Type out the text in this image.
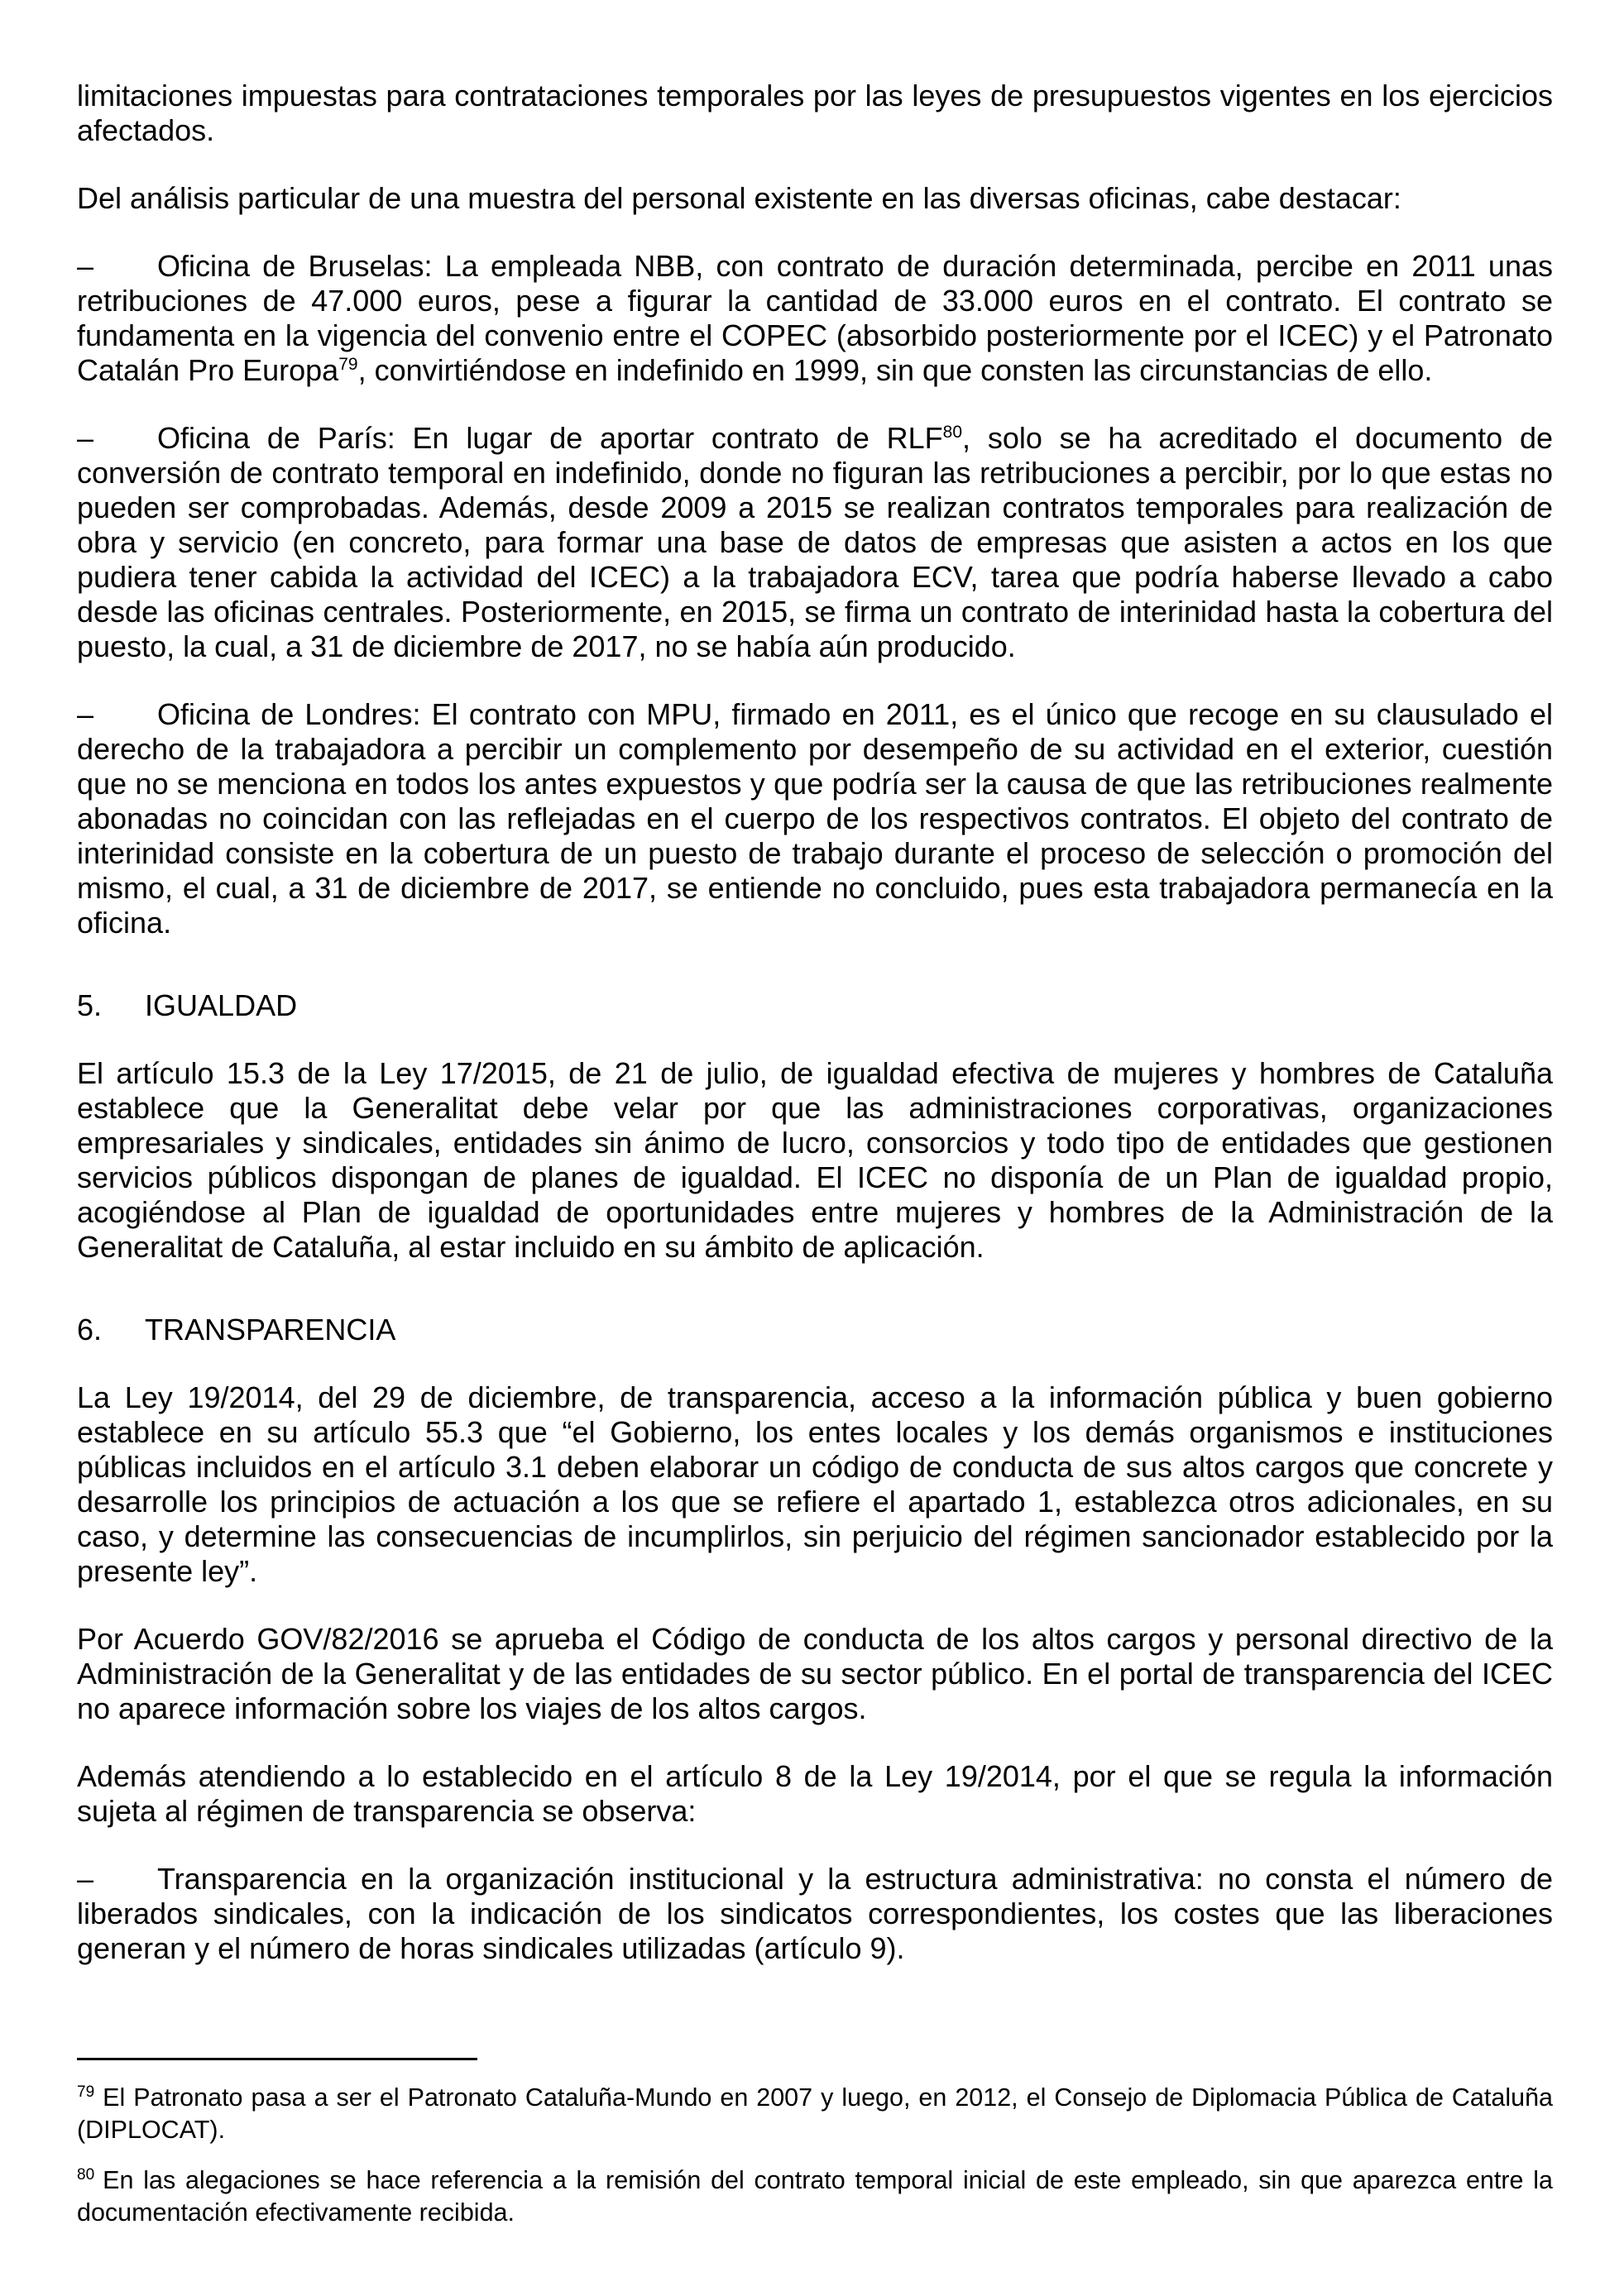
limitaciones impuestas para contrataciones temporales por las leyes de presupuestos vigentes en los ejercicios afectados.

Del análisis particular de una muestra del personal existente en las diversas oficinas, cabe destacar:

– Oficina de Bruselas: La empleada NBB, con contrato de duración determinada, percibe en 2011 unas retribuciones de 47.000 euros, pese a figurar la cantidad de 33.000 euros en el contrato. El contrato se fundamenta en la vigencia del convenio entre el COPEC (absorbido posteriormente por el ICEC) y el Patronato Catalán Pro Europa$^{79}$, convirtiéndose en indefinido en 1999, sin que consten las circunstancias de ello.

– Oficina de París: En lugar de aportar contrato de RLF$^{80}$, solo se ha acreditado el documento de conversión de contrato temporal en indefinido, donde no figuran las retribuciones a percibir, por lo que estas no pueden ser comprobadas. Además, desde 2009 a 2015 se realizan contratos temporales para realización de obra y servicio (en concreto, para formar una base de datos de empresas que asisten a actos en los que pudiera tener cabida la actividad del ICEC) a la trabajadora ECV, tarea que podría haberse llevado a cabo desde las oficinas centrales. Posteriormente, en 2015, se firma un contrato de interinidad hasta la cobertura del puesto, la cual, a 31 de diciembre de 2017, no se había aún producido.

– Oficina de Londres: El contrato con MPU, firmado en 2011, es el único que recoge en su clausulado el derecho de la trabajadora a percibir un complemento por desempeño de su actividad en el exterior, cuestión que no se menciona en todos los antes expuestos y que podría ser la causa de que las retribuciones realmente abonadas no coincidan con las reflejadas en el cuerpo de los respectivos contratos. El objeto del contrato de interinidad consiste en la cobertura de un puesto de trabajo durante el proceso de selección o promoción del mismo, el cual, a 31 de diciembre de 2017, se entiende no concluido, pues esta trabajadora permanecía en la oficina.

5. IGUALDAD

El artículo 15.3 de la Ley 17/2015, de 21 de julio, de igualdad efectiva de mujeres y hombres de Cataluña establece que la Generalitat debe velar por que las administraciones corporativas, organizaciones empresariales y sindicales, entidades sin ánimo de lucro, consorcios y todo tipo de entidades que gestionen servicios públicos dispongan de planes de igualdad. El ICEC no disponía de un Plan de igualdad propio, acogiéndose al Plan de igualdad de oportunidades entre mujeres y hombres de la Administración de la Generalitat de Cataluña, al estar incluido en su ámbito de aplicación.

6. TRANSPARENCIA

La Ley 19/2014, del 29 de diciembre, de transparencia, acceso a la información pública y buen gobierno establece en su artículo 55.3 que “el Gobierno, los entes locales y los demás organismos e instituciones públicas incluidos en el artículo 3.1 deben elaborar un código de conducta de sus altos cargos que concrete y desarrolle los principios de actuación a los que se refiere el apartado 1, establezca otros adicionales, en su caso, y determine las consecuencias de incumplirlos, sin perjuicio del régimen sancionador establecido por la presente ley”.

Por Acuerdo GOV/82/2016 se aprueba el Código de conducta de los altos cargos y personal directivo de la Administración de la Generalitat y de las entidades de su sector público. En el portal de transparencia del ICEC no aparece información sobre los viajes de los altos cargos.

Además atendiendo a lo establecido en el artículo 8 de la Ley 19/2014, por el que se regula la información sujeta al régimen de transparencia se observa:

– Transparencia en la organización institucional y la estructura administrativa: no consta el número de liberados sindicales, con la indicación de los sindicatos correspondientes, los costes que las liberaciones generan y el número de horas sindicales utilizadas (artículo 9).

$^{79}$ El Patronato pasa a ser el Patronato Cataluña-Mundo en 2007 y luego, en 2012, el Consejo de Diplomacia Pública de Cataluña (DIPLOCAT).

$^{80}$ En las alegaciones se hace referencia a la remisión del contrato temporal inicial de este empleado, sin que aparezca entre la documentación efectivamente recibida.
